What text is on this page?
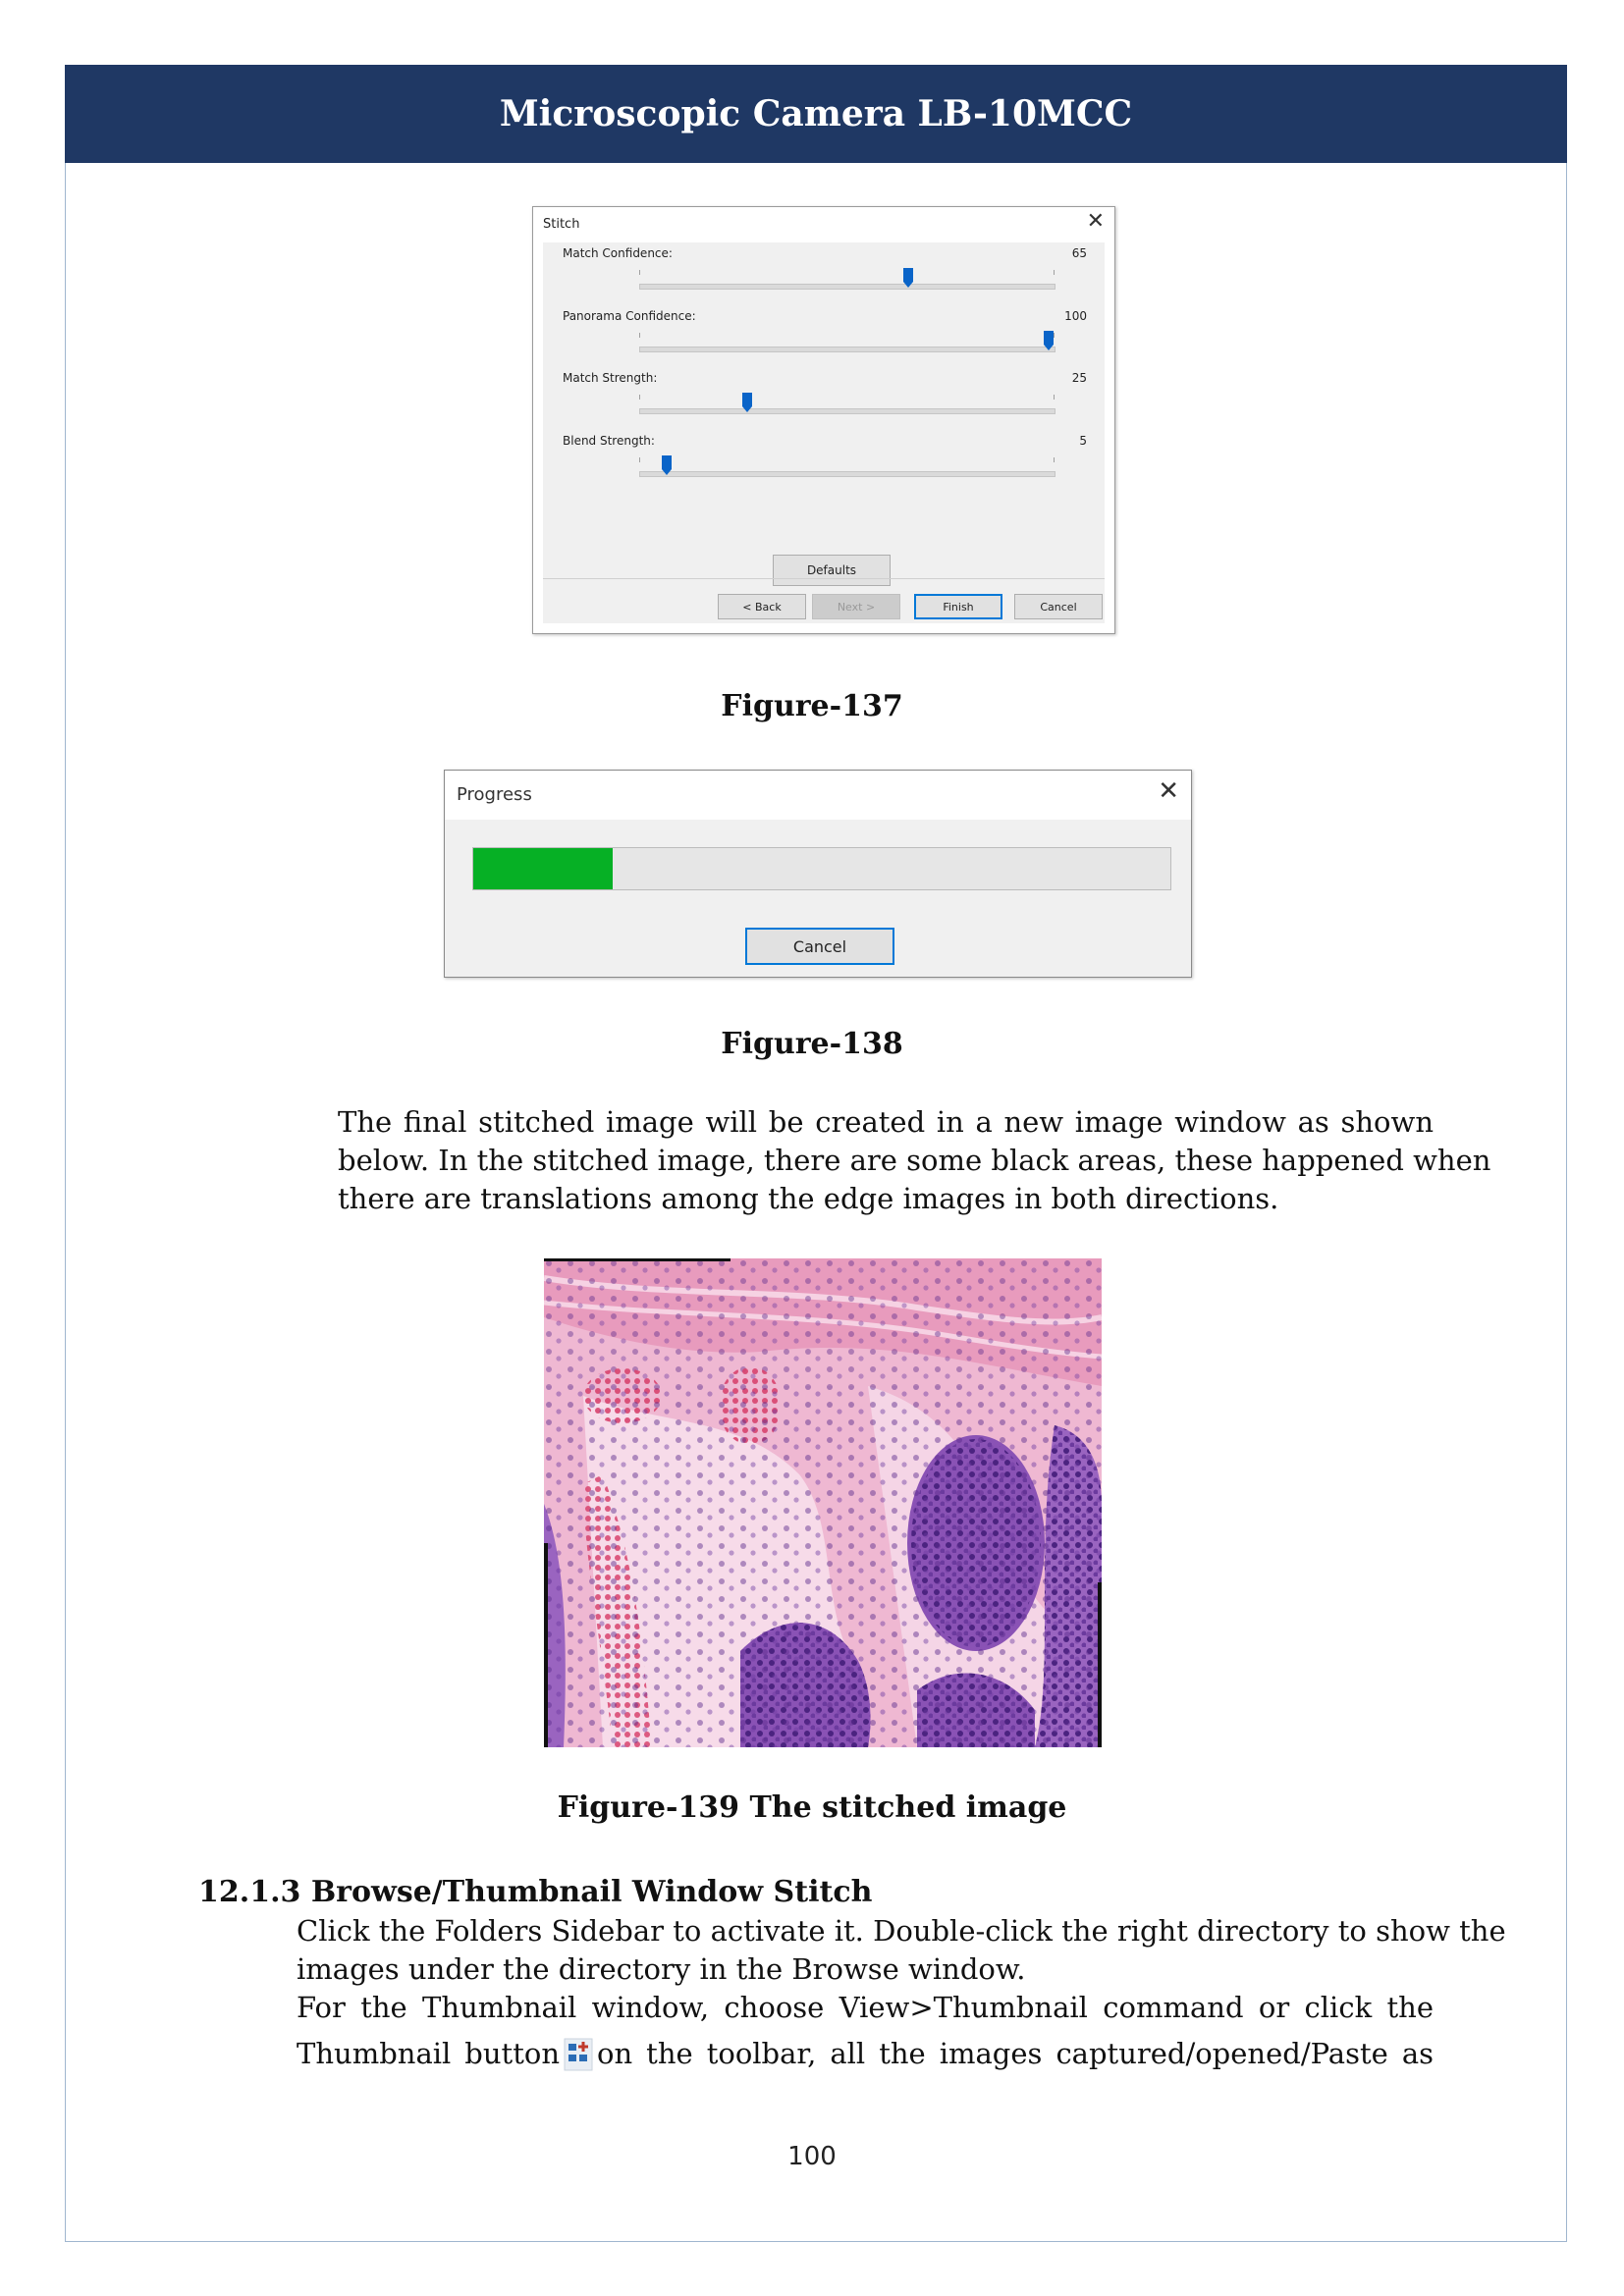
Microscopic Camera LB-10MCC
Stitch	✕
Match Confidence:	65
Panorama Confidence:	100
Match Strength:	25
Blend Strength:	5
Defaults
< Back	Next >	Finish	Cancel
Figure-137
Progress	✕
Cancel
Figure-138
The final stitched image will be created in a new image window as shown
below. In the stitched image, there are some black areas, these happened when
there are translations among the edge images in both directions.
Figure-139 The stitched image
12.1.3 Browse/Thumbnail Window Stitch
Click the Folders Sidebar to activate it. Double-click the right directory to show the
images under the directory in the Browse window.
For the Thumbnail window, choose View>Thumbnail command or click the
Thumbnail button on the toolbar, all the images captured/opened/Paste as
100
